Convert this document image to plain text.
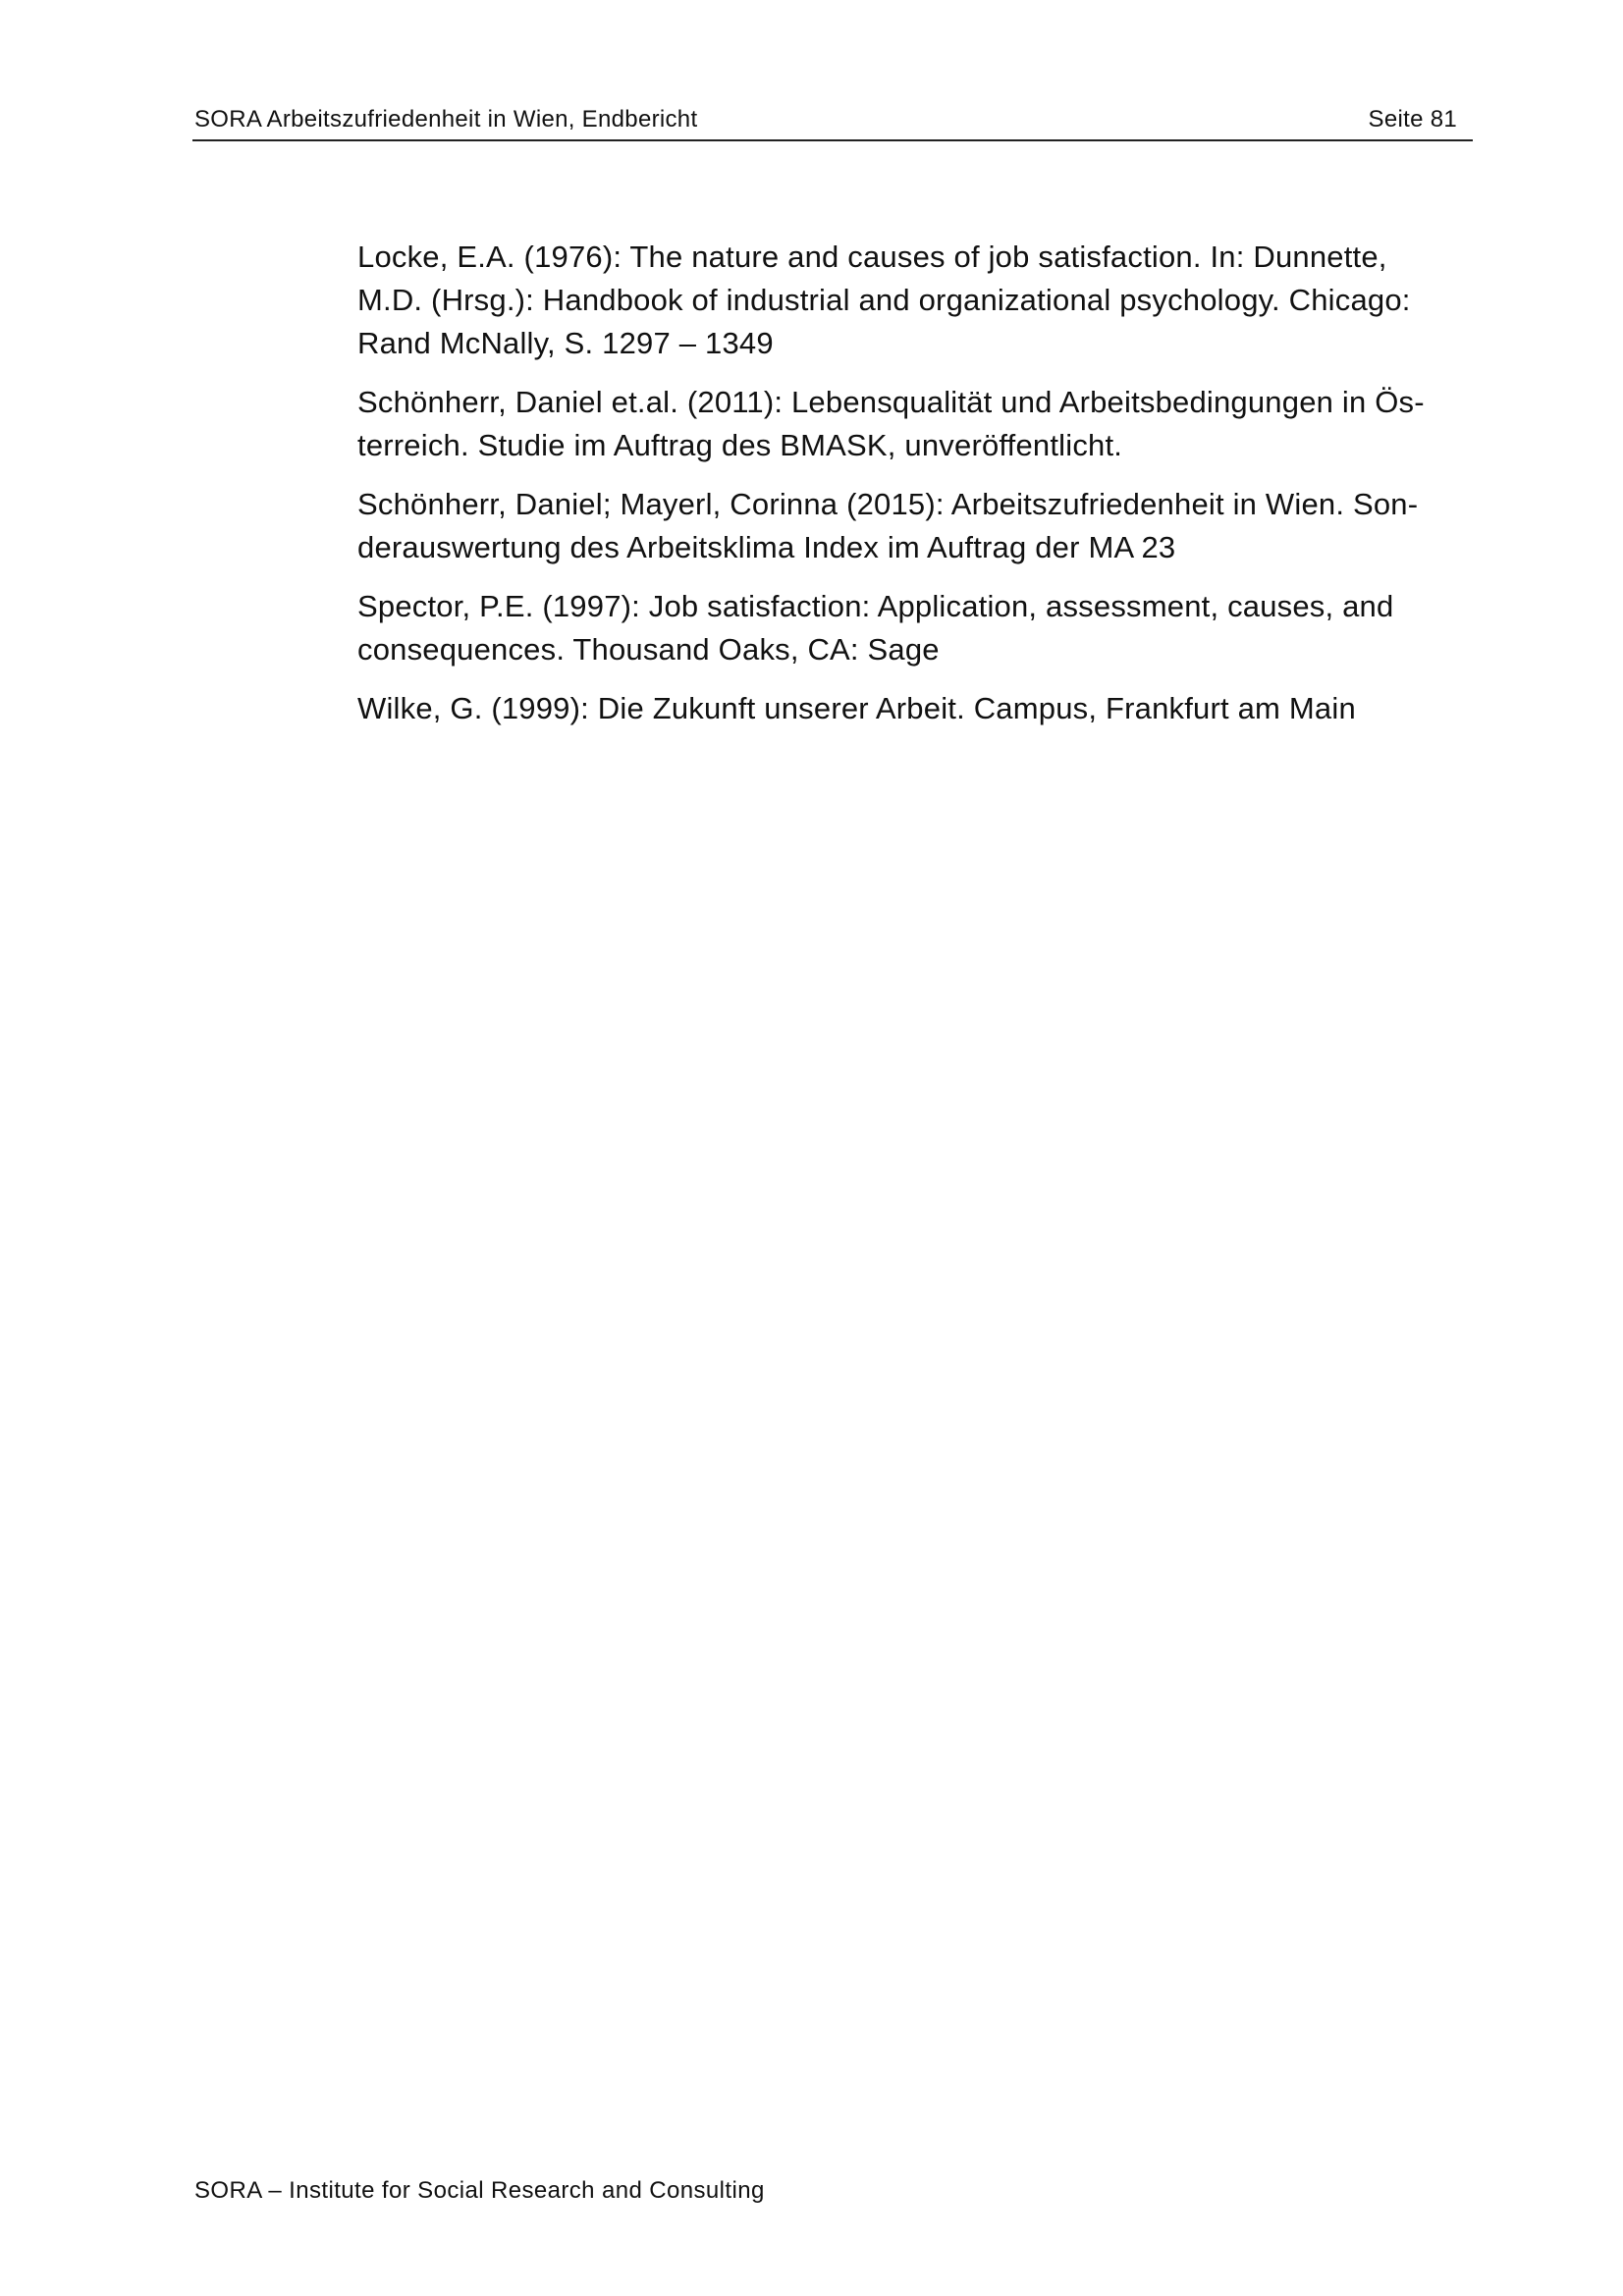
SORA Arbeitszufriedenheit in Wien, Endbericht	Seite 81
Locke, E.A. (1976): The nature and causes of job satisfaction. In: Dunnette,
M.D. (Hrsg.): Handbook of industrial and organizational psychology. Chicago:
Rand McNally, S. 1297 – 1349
Schönherr, Daniel et.al. (2011): Lebensqualität und Arbeitsbedingungen in Ös-
terreich. Studie im Auftrag des BMASK, unveröffentlicht.
Schönherr, Daniel; Mayerl, Corinna (2015): Arbeitszufriedenheit in Wien. Son-
derauswertung des Arbeitsklima Index im Auftrag der MA 23
Spector, P.E. (1997): Job satisfaction: Application, assessment, causes, and
consequences. Thousand Oaks, CA: Sage
Wilke, G. (1999): Die Zukunft unserer Arbeit. Campus, Frankfurt am Main
SORA – Institute for Social Research and Consulting
